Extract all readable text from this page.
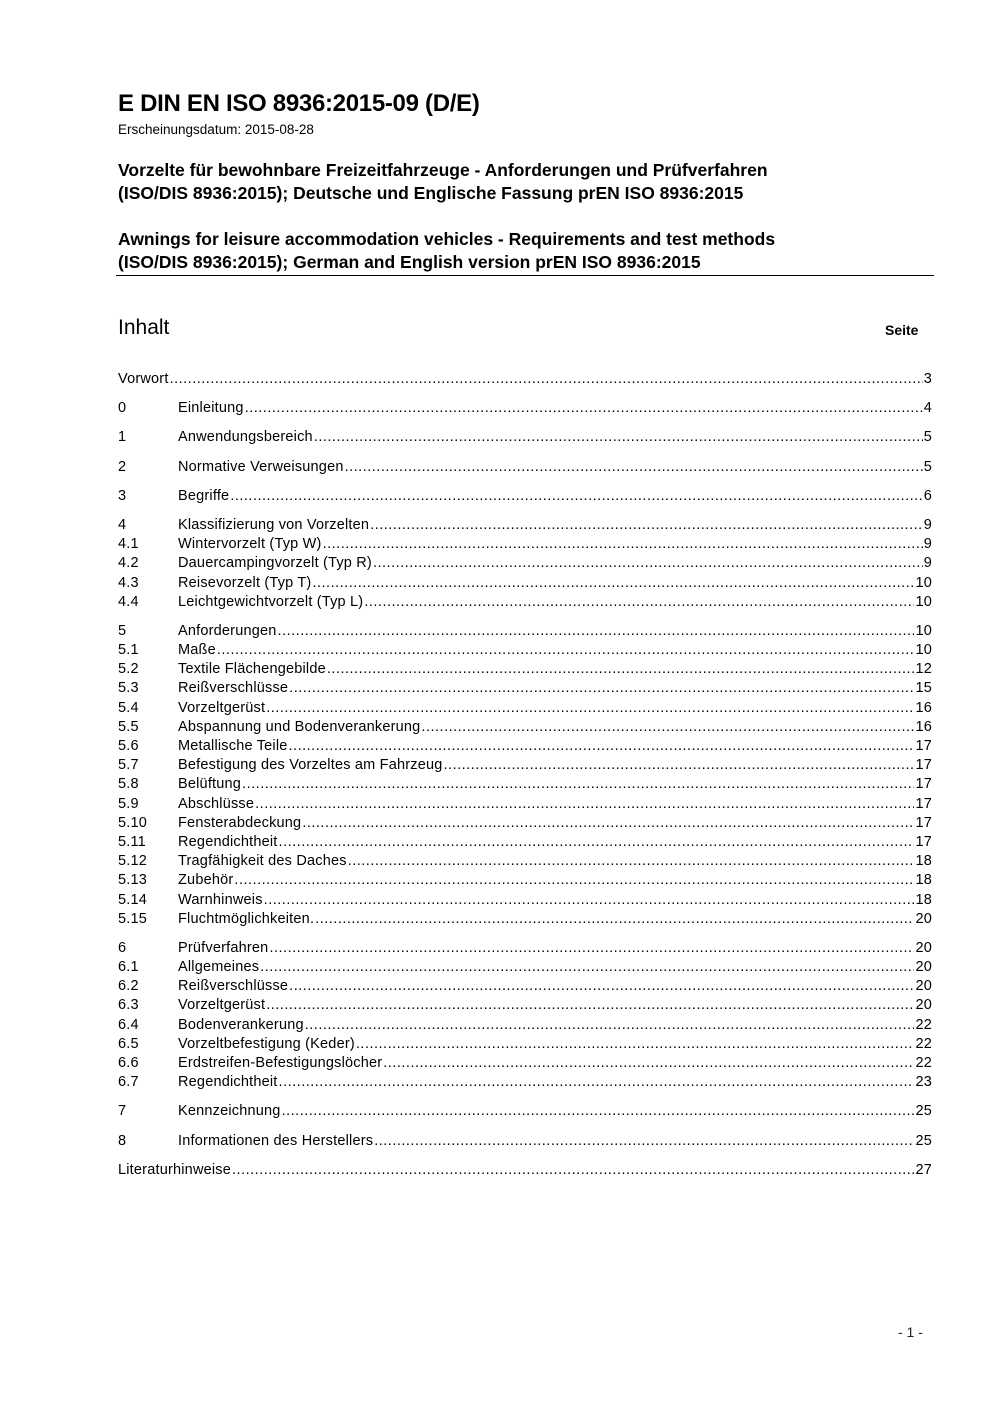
E DIN EN ISO 8936:2015-09 (D/E)
Erscheinungsdatum: 2015-08-28
Vorzelte für bewohnbare Freizeitfahrzeuge - Anforderungen und Prüfverfahren
(ISO/DIS 8936:2015); Deutsche und Englische Fassung prEN ISO 8936:2015
Awnings for leisure accommodation vehicles - Requirements and test methods
(ISO/DIS 8936:2015); German and English version prEN ISO 8936:2015
Inhalt	Seite
Vorwort .....	3
0	Einleitung .....	4
1	Anwendungsbereich .....	5
2	Normative Verweisungen .....	5
3	Begriffe .....	6
4	Klassifizierung von Vorzelten .....	9
4.1	Wintervorzelt (Typ W) .....	9
4.2	Dauercampingvorzelt (Typ R) .....	9
4.3	Reisevorzelt (Typ T) .....	10
4.4	Leichtgewichtvorzelt (Typ L) .....	10
5	Anforderungen .....	10
5.1	Maße .....	10
5.2	Textile Flächengebilde .....	12
5.3	Reißverschlüsse .....	15
5.4	Vorzeltgerüst .....	16
5.5	Abspannung und Bodenverankerung .....	16
5.6	Metallische Teile .....	17
5.7	Befestigung des Vorzeltes am Fahrzeug .....	17
5.8	Belüftung .....	17
5.9	Abschlüsse .....	17
5.10	Fensterabdeckung .....	17
5.11	Regendichtheit .....	17
5.12	Tragfähigkeit des Daches .....	18
5.13	Zubehör .....	18
5.14	Warnhinweis .....	18
5.15	Fluchtmöglichkeiten. .....	20
6	Prüfverfahren .....	20
6.1	Allgemeines .....	20
6.2	Reißverschlüsse .....	20
6.3	Vorzeltgerüst .....	20
6.4	Bodenverankerung .....	22
6.5	Vorzeltbefestigung (Keder) .....	22
6.6	Erdstreifen-Befestigungslöcher .....	22
6.7	Regendichtheit .....	23
7	Kennzeichnung .....	25
8	Informationen des Herstellers .....	25
Literaturhinweise .....	27
- 1 -
